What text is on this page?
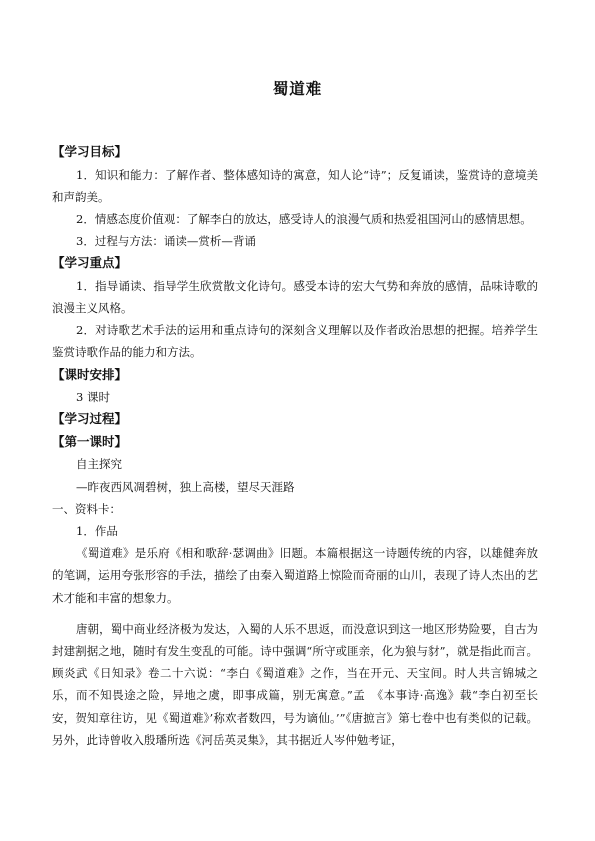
蜀道难

【学习目标】

1．知识和能力：了解作者、整体感知诗的寓意，知人论“诗”；反复诵读，鉴赏诗的意境美和声韵美。

2．情感态度价值观：了解李白的放达，感受诗人的浪漫气质和热爱祖国河山的感情思想。

3．过程与方法：诵读—赏析—背诵

【学习重点】

1．指导诵读、指导学生欣赏散文化诗句。感受本诗的宏大气势和奔放的感情，品味诗歌的浪漫主义风格。

2．对诗歌艺术手法的运用和重点诗句的深刻含义理解以及作者政治思想的把握。培养学生鉴赏诗歌作品的能力和方法。

【课时安排】

3 课时

【学习过程】

【第一课时】

自主探究

—昨夜西风凋碧树，独上高楼，望尽天涯路

一、资料卡：

1．作品

《蜀道难》是乐府《相和歌辞·瑟调曲》旧题。本篇根据这一诗题传统的内容，以雄健奔放的笔调，运用夸张形容的手法，描绘了由秦入蜀道路上惊险而奇丽的山川，表现了诗人杰出的艺术才能和丰富的想象力。

唐朝，蜀中商业经济极为发达，入蜀的人乐不思返，而没意识到这一地区形势险要，自古为封建割据之地，随时有发生变乱的可能。诗中强调“所守或匪亲，化为狼与豺”，就是指此而言。顾炎武《日知录》卷二十六说：“李白《蜀道难》之作，当在开元、天宝间。时人共言锦城之乐，而不知畏途之险，异地之虞，即事成篇，别无寓意。”孟　《本事诗·高逸》载“李白初至长安，贺知章往访，见《蜀道难》’称欢者数四，号为谪仙。’”《唐摭言》第七卷中也有类似的记载。另外，此诗曾收入殷璠所选《河岳英灵集》，其书据近人岑仲勉考证，
